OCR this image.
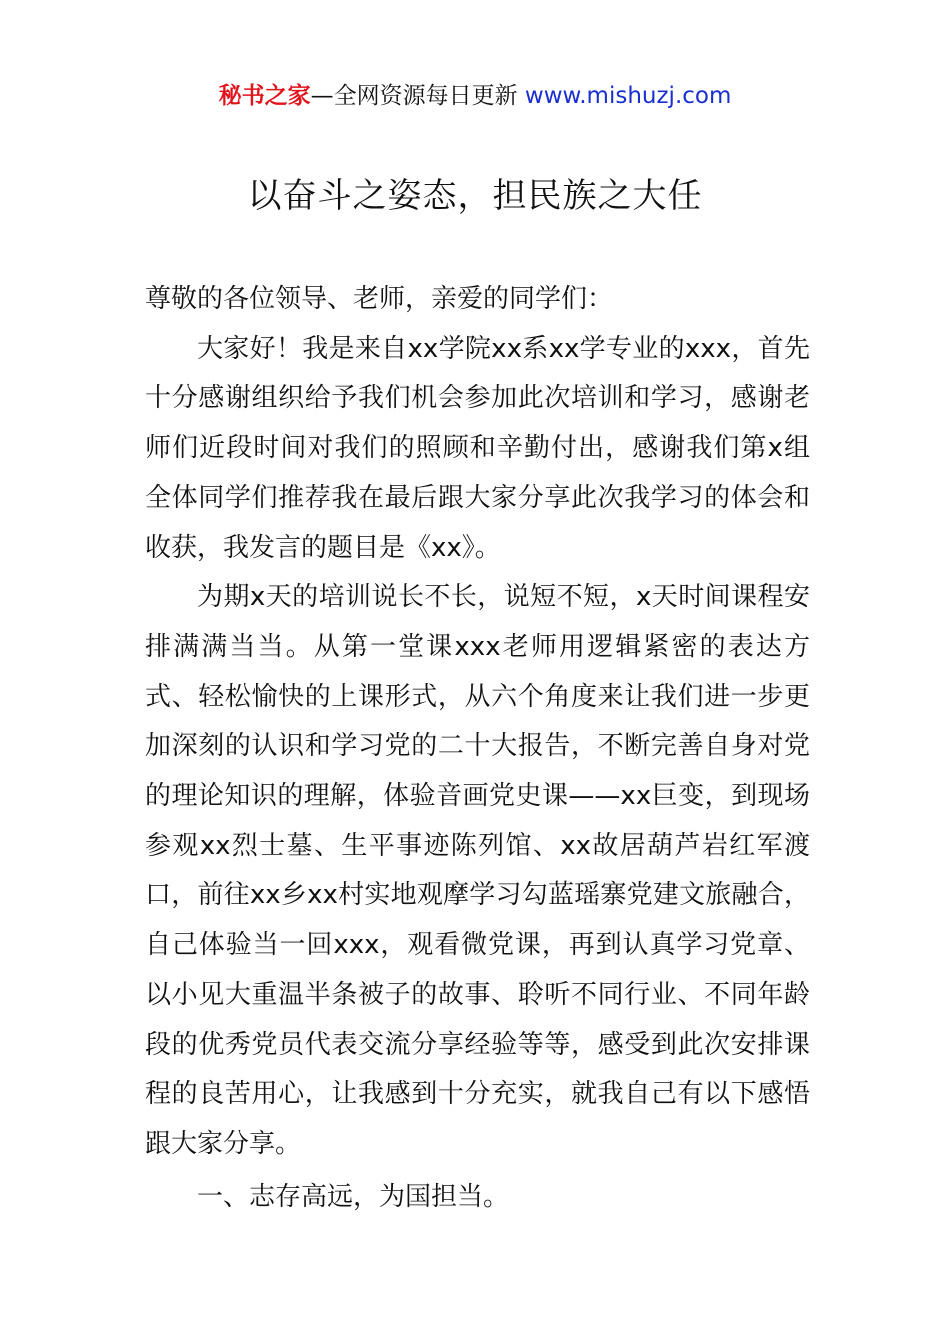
秘书之家—全网资源每日更新 www.mishuzj.com
以奋斗之姿态，担民族之大任

尊敬的各位领导、老师，亲爱的同学们：

大家好！我是来自xx学院xx系xx学专业的xxx，首先十分感谢组织给予我们机会参加此次培训和学习，感谢老师们近段时间对我们的照顾和辛勤付出，感谢我们第x组全体同学们推荐我在最后跟大家分享此次我学习的体会和收获，我发言的题目是《xx》。

为期x天的培训说长不长，说短不短，x天时间课程安排满满当当。从第一堂课xxx老师用逻辑紧密的表达方式、轻松愉快的上课形式，从六个角度来让我们进一步更加深刻的认识和学习党的二十大报告，不断完善自身对党的理论知识的理解，体验音画党史课——xx巨变，到现场参观xx烈士墓、生平事迹陈列馆、xx故居葫芦岩红军渡口，前往xx乡xx村实地观摩学习勾蓝瑶寨党建文旅融合，自己体验当一回xxx，观看微党课，再到认真学习党章、以小见大重温半条被子的故事、聆听不同行业、不同年龄段的优秀党员代表交流分享经验等等，感受到此次安排课程的良苦用心，让我感到十分充实，就我自己有以下感悟跟大家分享。

一、志存高远，为国担当。
